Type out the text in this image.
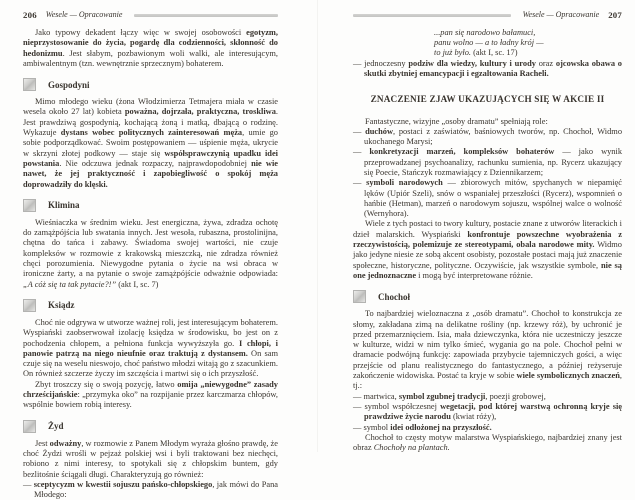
206 Wesele — Opracowanie
Jako typowy dekadent łączy więc w swojej osobowości egotyzm, nieprzystosowanie do życia, pogardę dla codzienności, skłonność do hedonizmu. Jest słabym, pozbawionym woli walki, ale interesującym, ambiwalentnym (tzn. wewnętrznie sprzecznym) bohaterem.
Gospodyni
Mimo młodego wieku (żona Włodzimierza Tetmajera miała w czasie wesela około 27 lat) kobieta poważna, dojrzała, praktyczna, troskliwa. Jest prawdziwą gospodynią, kochającą żoną i matką, dbającą o rodzinę. Wykazuje dystans wobec politycznych zainteresowań męża, umie go sobie podporządkować. Swoim postępowaniem — uśpienie męża, ukrycie w skrzyni złotej podkowy — staje się współsprawczynią upadku idei powstania. Nie odczuwa jednak rozpaczy, najprawdopodobniej nie wie nawet, że jej praktyczność i zapobiegliwość o spokój męża doprowadziły do klęski.
Klimina
Wieśniaczka w średnim wieku. Jest energiczna, żywa, zdradza ochotę do zamążpójścia lub swatania innych. Jest wesoła, rubaszna, prostolinijna, chętna do tańca i zabawy. Świadoma swojej wartości, nie czuje kompleksów w rozmowie z krakowską mieszczką, nie zdradza również chęci porozumienia. Niewygodne pytania o życie na wsi obraca w ironiczne żarty, a na pytanie o swoje zamążpójście odważnie odpowiada: „A cóż się ta tak pytacie?!” (akt I, sc. 7)
Ksiądz
Choć nie odgrywa w utworze ważnej roli, jest interesującym bohaterem. Wyspiański zaobserwował izolację księdza w środowisku, bo jest on z pochodzenia chłopem, a pełniona funkcja wywyższyła go. I chłopi, i panowie patrzą na niego nieufnie oraz traktują z dystansem. On sam czuje się na weselu nieswojo, choć państwo młodzi witają go z szacunkiem. On również szczerze życzy im szczęścia i martwi się o ich przyszłość.
Zbyt troszczy się o swoją pozycję, łatwo omija „niewygodne” zasady chrześcijańskie: „przymyka oko” na rozpijanie przez karczmarza chłopów, wspólnie bowiem robią interesy.
Żyd
Jest odważny, w rozmowie z Panem Młodym wyraża głośno prawdę, że choć Żydzi wrośli w pejzaż polskiej wsi i byli traktowani bez niechęci, robiono z nimi interesy, to spotykali się z chłopskim buntem, gdy bezlitośnie ściągali długi. Charakteryzują go również:
— sceptycyzm w kwestii sojuszu pańsko-chłopskiego, jak mówi do Pana Młodego:
Wesele — Opracowanie 207
...pan się narodowo bałamuci,
panu wolno — a to ładny krój —
to już było. (akt I, sc. 17)
— jednoczesny podziw dla wiedzy, kultury i urody oraz ojcowska obawa o skutki zbytniej emancypacji i egzaltowania Racheli.
ZNACZENIE ZJAW UKAZUJĄCYCH SIĘ W AKCIE II
Fantastyczne, wizyjne „osoby dramatu” spełniają role:
— duchów, postaci z zaświatów, baśniowych tworów, np. Chochoł, Widmo ukochanego Marysi;
— konkretyzacji marzeń, kompleksów bohaterów — jako wynik przeprowadzanej psychoanalizy, rachunku sumienia, np. Rycerz ukazujący się Poecie, Stańczyk rozmawiający z Dziennikarzem;
— symboli narodowych — zbiorowych mitów, spychanych w niepamięć lęków (Upiór Szeli), snów o wspaniałej przeszłości (Rycerz), wspomnień o hańbie (Hetman), marzeń o narodowym sojuszu, wspólnej walce o wolność (Wernyhora).
Wiele z tych postaci to twory kultury, postacie znane z utworów literackich i dzieł malarskich. Wyspiański konfrontuje powszechne wyobrażenia z rzeczywistością, polemizuje ze stereotypami, obala narodowe mity. Widmo jako jedyne niesie ze sobą akcent osobisty, pozostałe postaci mają już znaczenie społeczne, historyczne, polityczne. Oczywiście, jak wszystkie symbole, nie są one jednoznaczne i mogą być interpretowane różnie.
Chochoł
To najbardziej wieloznaczna z „osób dramatu”. Chochoł to konstrukcja ze słomy, zakładana zimą na delikatne rośliny (np. krzewy róż), by uchronić je przed przemarznięciem. Isia, mała dziewczynka, która nie uczestniczy jeszcze w kulturze, widzi w nim tylko śmieć, wygania go na pole. Chochoł pełni w dramacie podwójną funkcję: zapowiada przybycie tajemniczych gości, a więc przejście od planu realistycznego do fantastycznego, a później reżyseruje zakończenie widowiska. Postać ta kryje w sobie wiele symbolicznych znaczeń, tj.:
— martwica, symbol zgubnej tradycji, poezji grobowej,
— symbol współczesnej wegetacji, pod której warstwą ochronną kryje się prawdziwe życie narodu (kwiat róży),
— symbol idei odłożonej na przyszłość.
Chochoł to częsty motyw malarstwa Wyspiańskiego, najbardziej znany jest obraz Chochoły na plantach.
